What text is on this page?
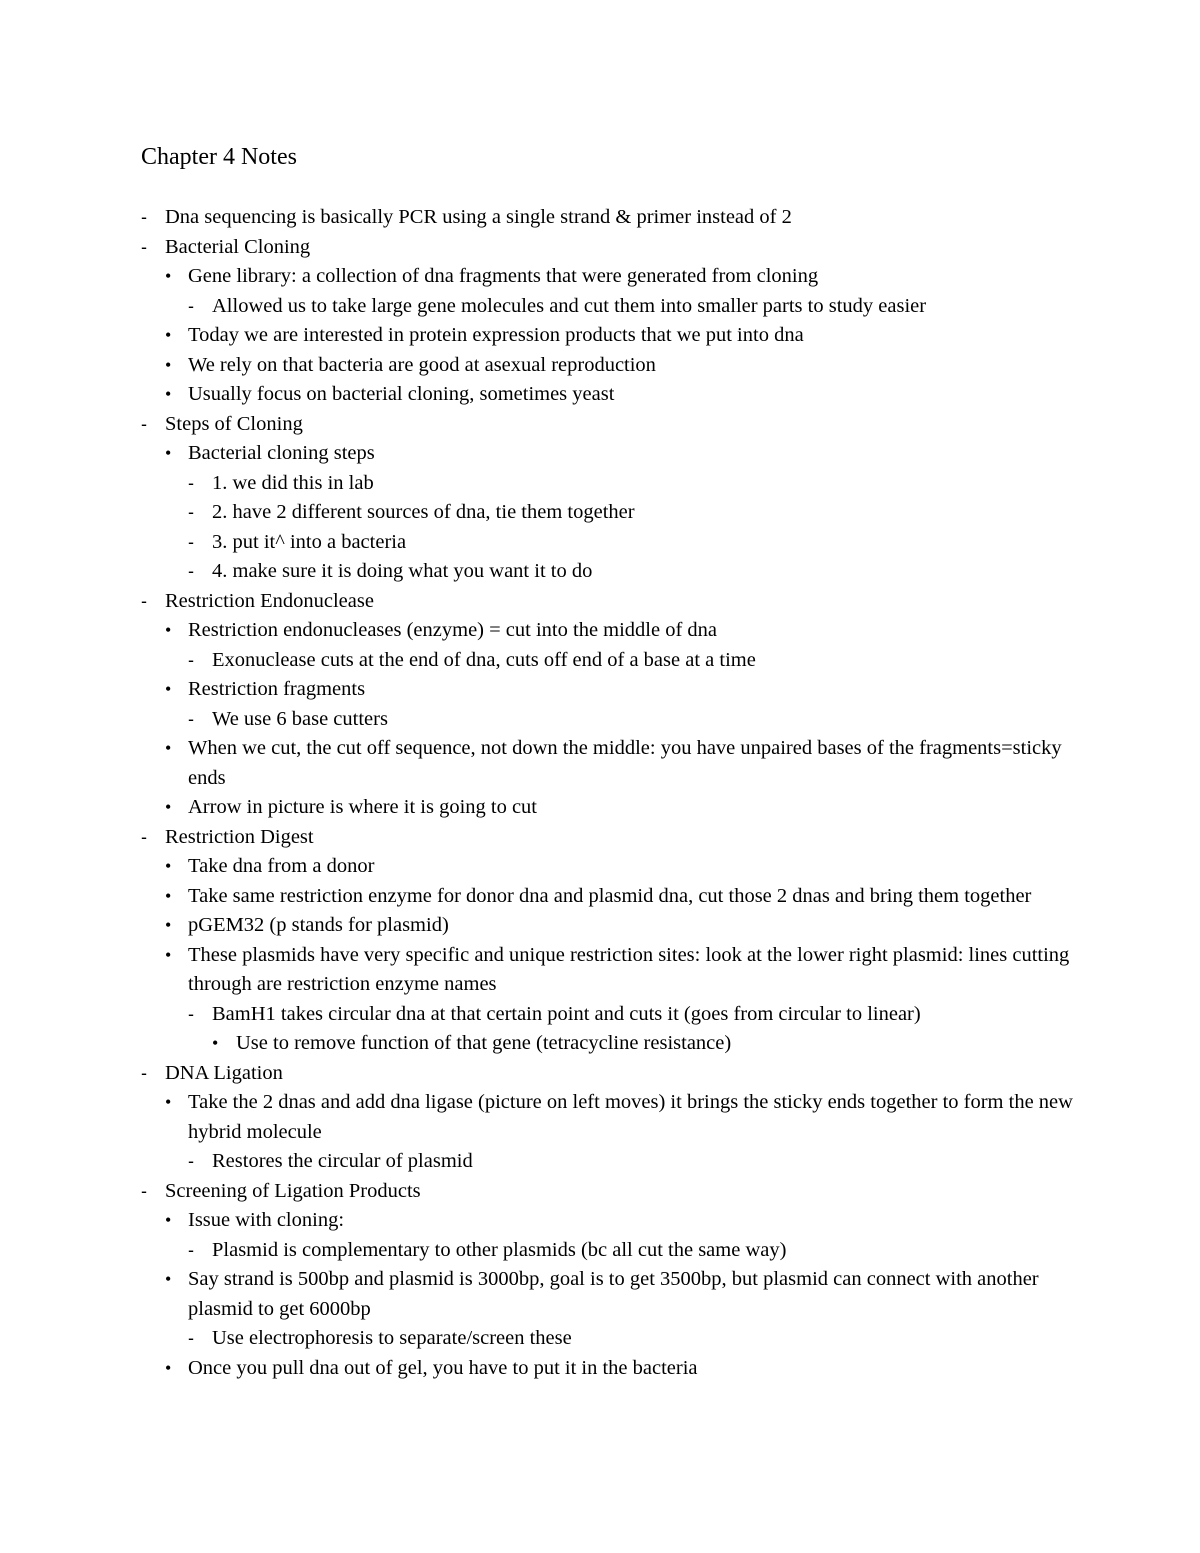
Chapter 4 Notes
- Dna sequencing is basically PCR using a single strand & primer instead of 2
- Bacterial Cloning
• Gene library: a collection of dna fragments that were generated from cloning
- Allowed us to take large gene molecules and cut them into smaller parts to study easier
• Today we are interested in protein expression products that we put into dna
• We rely on that bacteria are good at asexual reproduction
• Usually focus on bacterial cloning, sometimes yeast
- Steps of Cloning
• Bacterial cloning steps
- 1. we did this in lab
- 2. have 2 different sources of dna, tie them together
- 3. put it^ into a bacteria
- 4. make sure it is doing what you want it to do
- Restriction Endonuclease
• Restriction endonucleases (enzyme) = cut into the middle of dna
- Exonuclease cuts at the end of dna, cuts off end of a base at a time
• Restriction fragments
- We use 6 base cutters
• When we cut, the cut off sequence, not down the middle: you have unpaired bases of the fragments=sticky ends
• Arrow in picture is where it is going to cut
- Restriction Digest
• Take dna from a donor
• Take same restriction enzyme for donor dna and plasmid dna, cut those 2 dnas and bring them together
• pGEM32 (p stands for plasmid)
• These plasmids have very specific and unique restriction sites: look at the lower right plasmid: lines cutting through are restriction enzyme names
- BamH1 takes circular dna at that certain point and cuts it (goes from circular to linear)
• Use to remove function of that gene (tetracycline resistance)
- DNA Ligation
• Take the 2 dnas and add dna ligase (picture on left moves) it brings the sticky ends together to form the new hybrid molecule
- Restores the circular of plasmid
- Screening of Ligation Products
• Issue with cloning:
- Plasmid is complementary to other plasmids (bc all cut the same way)
• Say strand is 500bp and plasmid is 3000bp, goal is to get 3500bp, but plasmid can connect with another plasmid to get 6000bp
- Use electrophoresis to separate/screen these
• Once you pull dna out of gel, you have to put it in the bacteria
